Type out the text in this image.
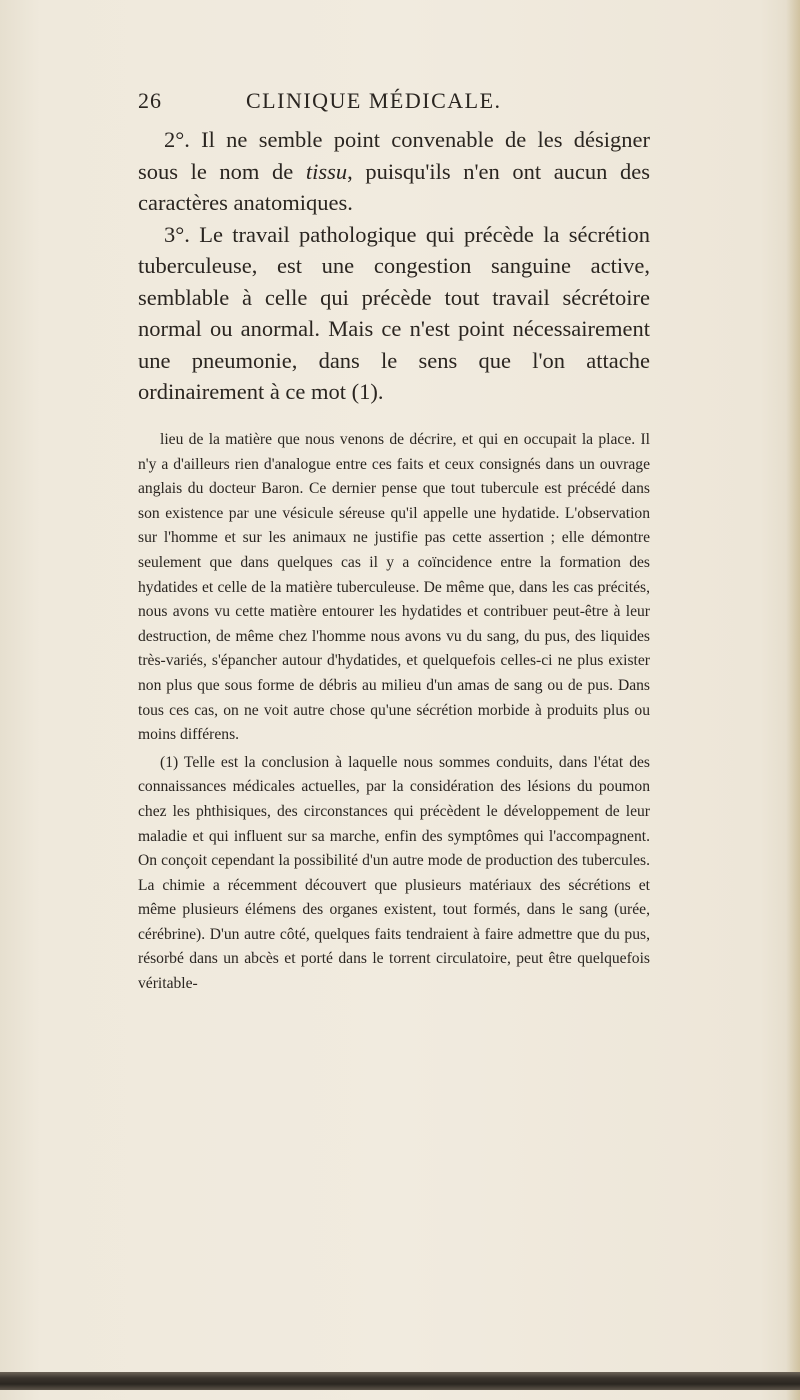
26	CLINIQUE MÉDICALE.

2°. Il ne semble point convenable de les désigner sous le nom de tissu, puisqu'ils n'en ont aucun des caractères anatomiques.

3°. Le travail pathologique qui précède la sécrétion tuberculeuse, est une congestion sanguine active, semblable à celle qui précède tout travail sécrétoire normal ou anormal. Mais ce n'est point nécessairement une pneumonie, dans le sens que l'on attache ordinairement à ce mot (1).

lieu de la matière que nous venons de décrire, et qui en occupait la place. Il n'y a d'ailleurs rien d'analogue entre ces faits et ceux consignés dans un ouvrage anglais du docteur Baron. Ce dernier pense que tout tubercule est précédé dans son existence par une vésicule séreuse qu'il appelle une hydatide. L'observation sur l'homme et sur les animaux ne justifie pas cette assertion ; elle démontre seulement que dans quelques cas il y a coïncidence entre la formation des hydatides et celle de la matière tuberculeuse. De même que, dans les cas précités, nous avons vu cette matière entourer les hydatides et contribuer peut-être à leur destruction, de même chez l'homme nous avons vu du sang, du pus, des liquides très-variés, s'épancher autour d'hydatides, et quelquefois celles-ci ne plus exister non plus que sous forme de débris au milieu d'un amas de sang ou de pus. Dans tous ces cas, on ne voit autre chose qu'une sécrétion morbide à produits plus ou moins différens.

(1) Telle est la conclusion à laquelle nous sommes conduits, dans l'état des connaissances médicales actuelles, par la considération des lésions du poumon chez les phthisiques, des circonstances qui précèdent le développement de leur maladie et qui influent sur sa marche, enfin des symptômes qui l'accompagnent. On conçoit cependant la possibilité d'un autre mode de production des tubercules. La chimie a récemment découvert que plusieurs matériaux des sécrétions et même plusieurs élémens des organes existent, tout formés, dans le sang (urée, cérébrine). D'un autre côté, quelques faits tendraient à faire admettre que du pus, résorbé dans un abcès et porté dans le torrent circulatoire, peut être quelquefois véritable-
